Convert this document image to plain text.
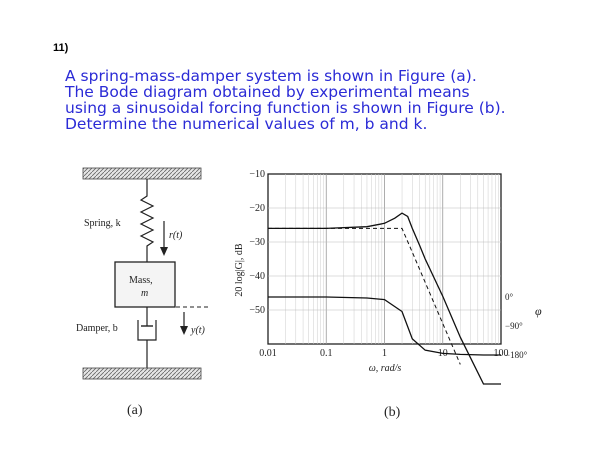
11)
A spring-mass-damper system is shown in Figure (a).
The Bode diagram obtained by experimental means
using a sinusoidal forcing function is shown in Figure (b).
Determine the numerical values of m, b and k.
Spring, k
r(t)
Mass,
m
Damper, b	y(t)
(a)
−10
−20
−30
−40
−50
0.01	0.1	1	10	100
0°
−90°
−180°
20 log|G|, dB
ω, rad/s
φ
(b)
